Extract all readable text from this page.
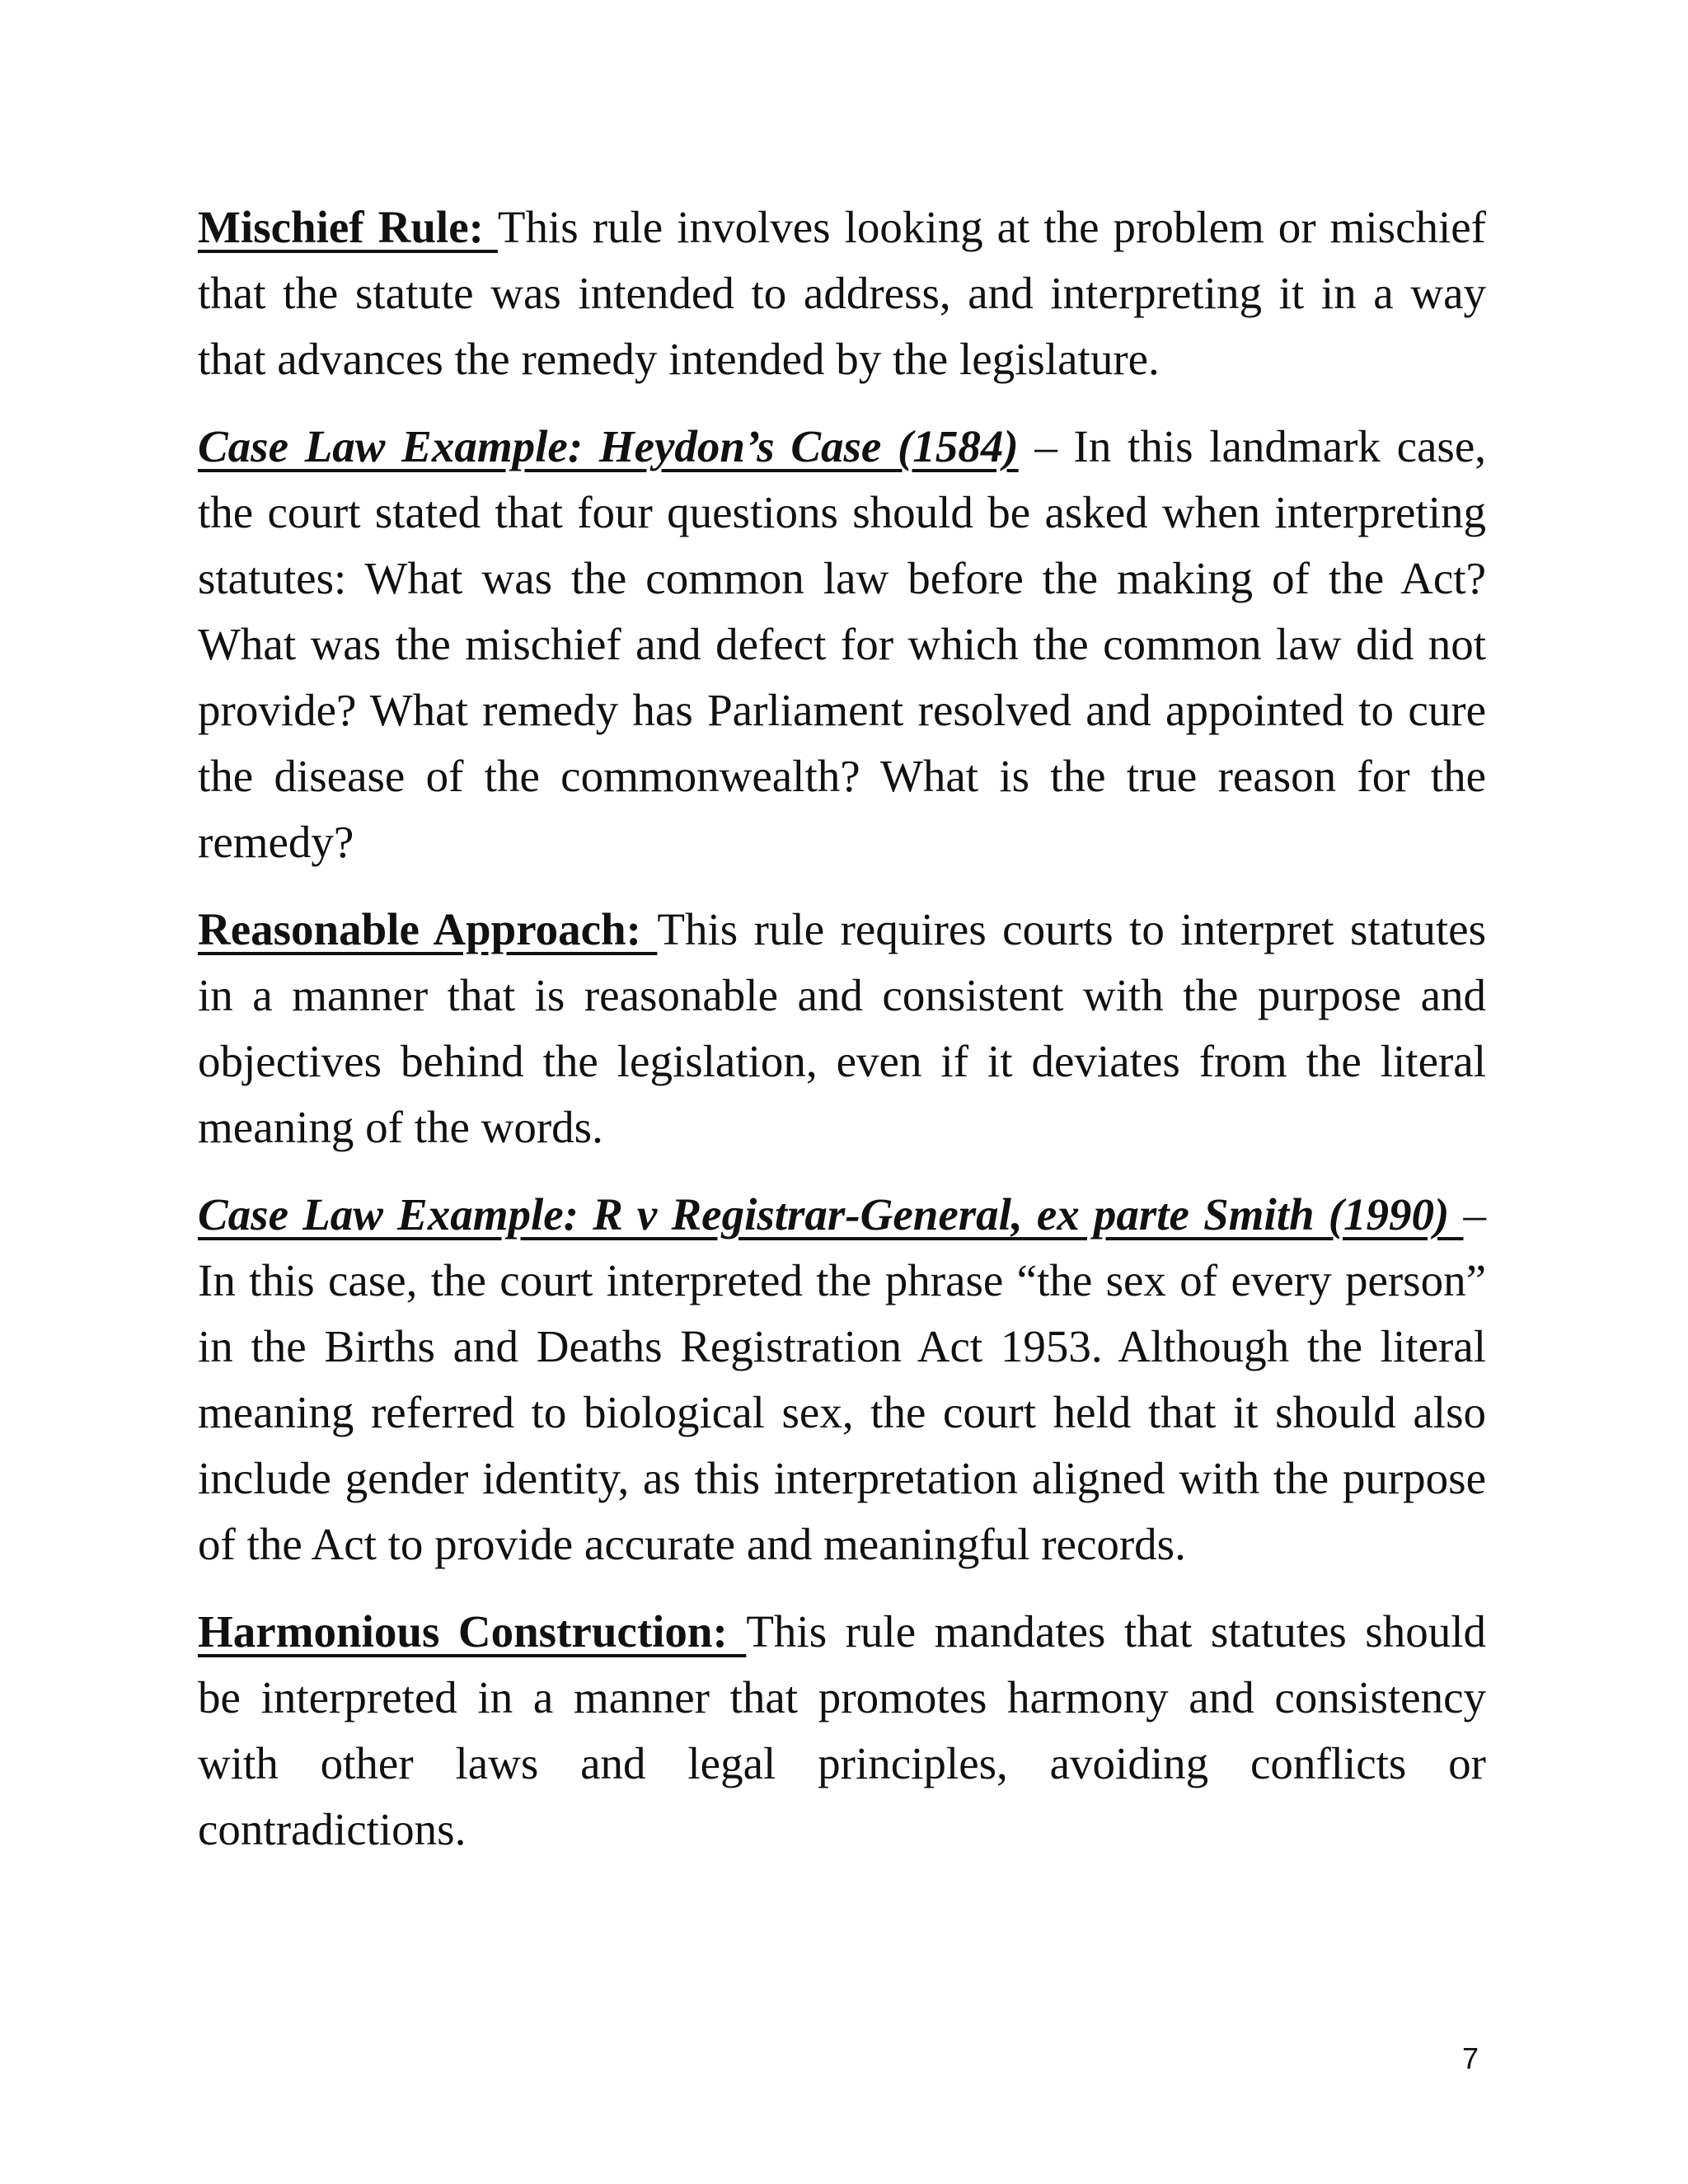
Mischief Rule: This rule involves looking at the problem or mischief that the statute was intended to address, and interpreting it in a way that advances the remedy intended by the legislature.

Case Law Example: Heydon’s Case (1584) – In this landmark case, the court stated that four questions should be asked when interpreting statutes: What was the common law before the making of the Act? What was the mischief and defect for which the common law did not provide? What remedy has Parliament resolved and appointed to cure the disease of the commonwealth? What is the true reason for the remedy?

Reasonable Approach: This rule requires courts to interpret statutes in a manner that is reasonable and consistent with the purpose and objectives behind the legislation, even if it deviates from the literal meaning of the words.

Case Law Example: R v Registrar-General, ex parte Smith (1990) – In this case, the court interpreted the phrase “the sex of every person” in the Births and Deaths Registration Act 1953. Although the literal meaning referred to biological sex, the court held that it should also include gender identity, as this interpretation aligned with the purpose of the Act to provide accurate and meaningful records.

Harmonious Construction: This rule mandates that statutes should be interpreted in a manner that promotes harmony and consistency with other laws and legal principles, avoiding conflicts or contradictions.

7
